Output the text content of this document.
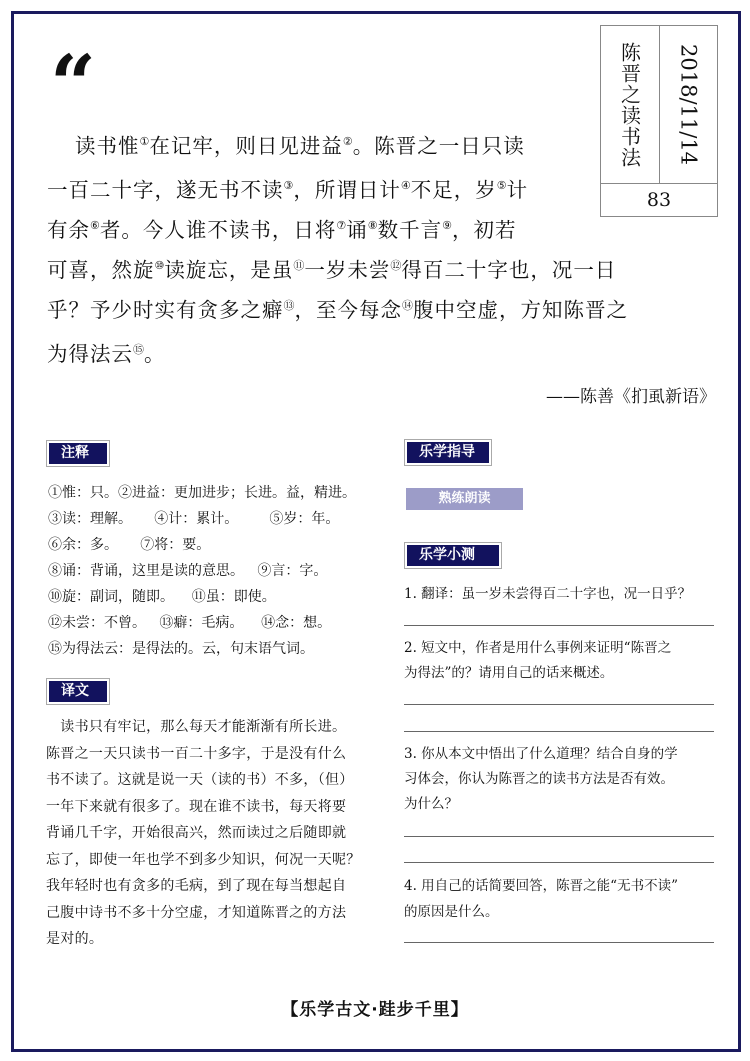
“
读书惟①在记牢，则日见进益②。陈晋之一日只读
一百二十字，遂无书不读③，所谓日计④不足，岁⑤计
有余⑥者。今人谁不读书，日将⑦诵⑧数千言⑨，初若
可喜，然旋⑩读旋忘，是虽⑪一岁未尝⑫得百二十字也，况一日
乎？予少时实有贪多之癖⑬，至今每念⑭腹中空虚，方知陈晋之
为得法云⑮。
——陈善《扪虱新语》
陈晋之读书法	2018/11/14
83
注释
①惟：只。②进益：更加进步；长进。益，精进。
③读：理解。     ④计：累计。       ⑤岁：年。
⑥余：多。     ⑦将：要。
⑧诵：背诵，这里是读的意思。   ⑨言：字。
⑩旋：副词，随即。    ⑪虽：即使。
⑫未尝：不曾。   ⑬癖：毛病。    ⑭念：想。
⑮为得法云：是得法的。云，句末语气词。
译文
　读书只有牢记，那么每天才能渐渐有所长进。
陈晋之一天只读书一百二十多字，于是没有什么
书不读了。这就是说一天（读的书）不多，（但）
一年下来就有很多了。现在谁不读书，每天将要
背诵几千字，开始很高兴，然而读过之后随即就
忘了，即使一年也学不到多少知识，何况一天呢？
我年轻时也有贪多的毛病，到了现在每当想起自
己腹中诗书不多十分空虚，才知道陈晋之的方法
是对的。
乐学指导
熟练朗读
乐学小测
1. 翻译：虽一岁未尝得百二十字也，况一日乎？
2. 短文中，作者是用什么事例来证明“陈晋之
为得法”的？请用自己的话来概述。
3. 你从本文中悟出了什么道理？结合自身的学
习体会，你认为陈晋之的读书方法是否有效。
为什么？
4. 用自己的话简要回答，陈晋之能“无书不读”
的原因是什么。
【乐学古文·跬步千里】
